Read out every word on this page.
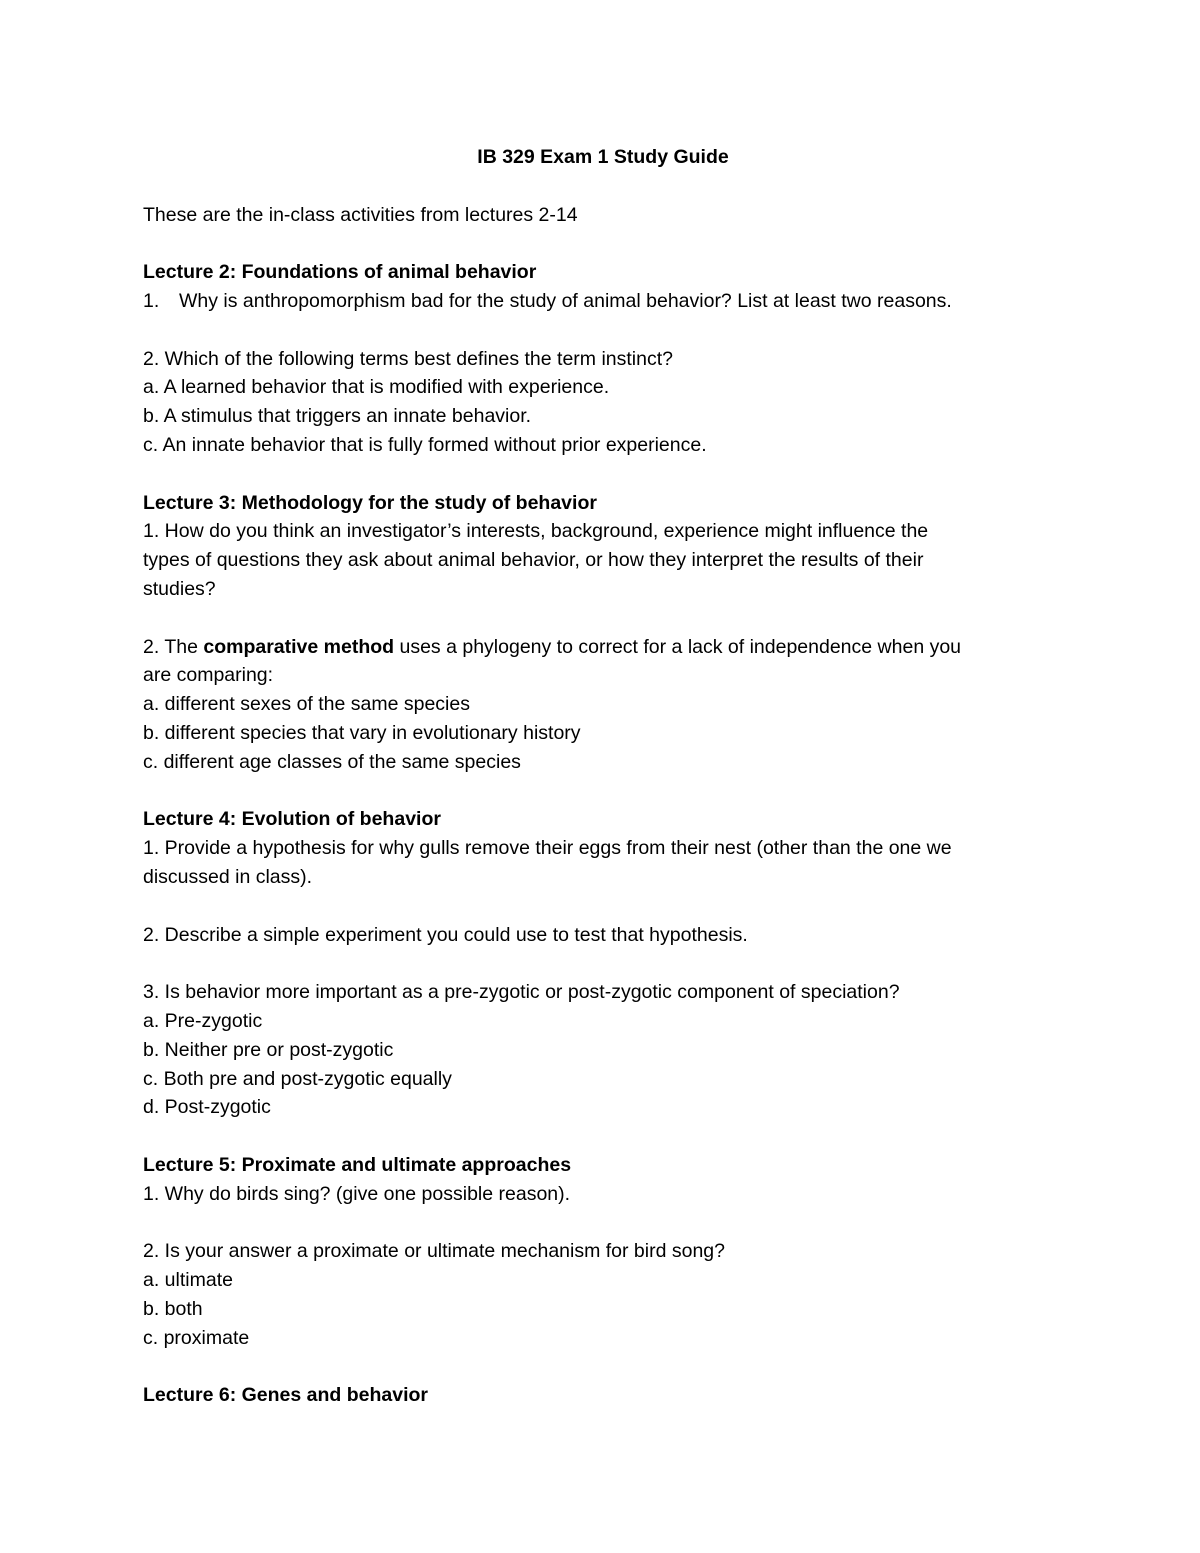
IB 329 Exam 1 Study Guide
These are the in-class activities from lectures 2-14
Lecture 2: Foundations of animal behavior
1. Why is anthropomorphism bad for the study of animal behavior? List at least two reasons.
2. Which of the following terms best defines the term instinct?
a. A learned behavior that is modified with experience.
b. A stimulus that triggers an innate behavior.
c. An innate behavior that is fully formed without prior experience.
Lecture 3: Methodology for the study of behavior
1. How do you think an investigator’s interests, background, experience might influence the
types of questions they ask about animal behavior, or how they interpret the results of their
studies?
2. The comparative method uses a phylogeny to correct for a lack of independence when you
are comparing:
a. different sexes of the same species
b. different species that vary in evolutionary history
c. different age classes of the same species
Lecture 4: Evolution of behavior
1. Provide a hypothesis for why gulls remove their eggs from their nest (other than the one we
discussed in class).
2. Describe a simple experiment you could use to test that hypothesis.
3. Is behavior more important as a pre-zygotic or post-zygotic component of speciation?
a. Pre-zygotic
b. Neither pre or post-zygotic
c. Both pre and post-zygotic equally
d. Post-zygotic
Lecture 5: Proximate and ultimate approaches
1. Why do birds sing? (give one possible reason).
2. Is your answer a proximate or ultimate mechanism for bird song?
a. ultimate
b. both
c. proximate
Lecture 6: Genes and behavior
